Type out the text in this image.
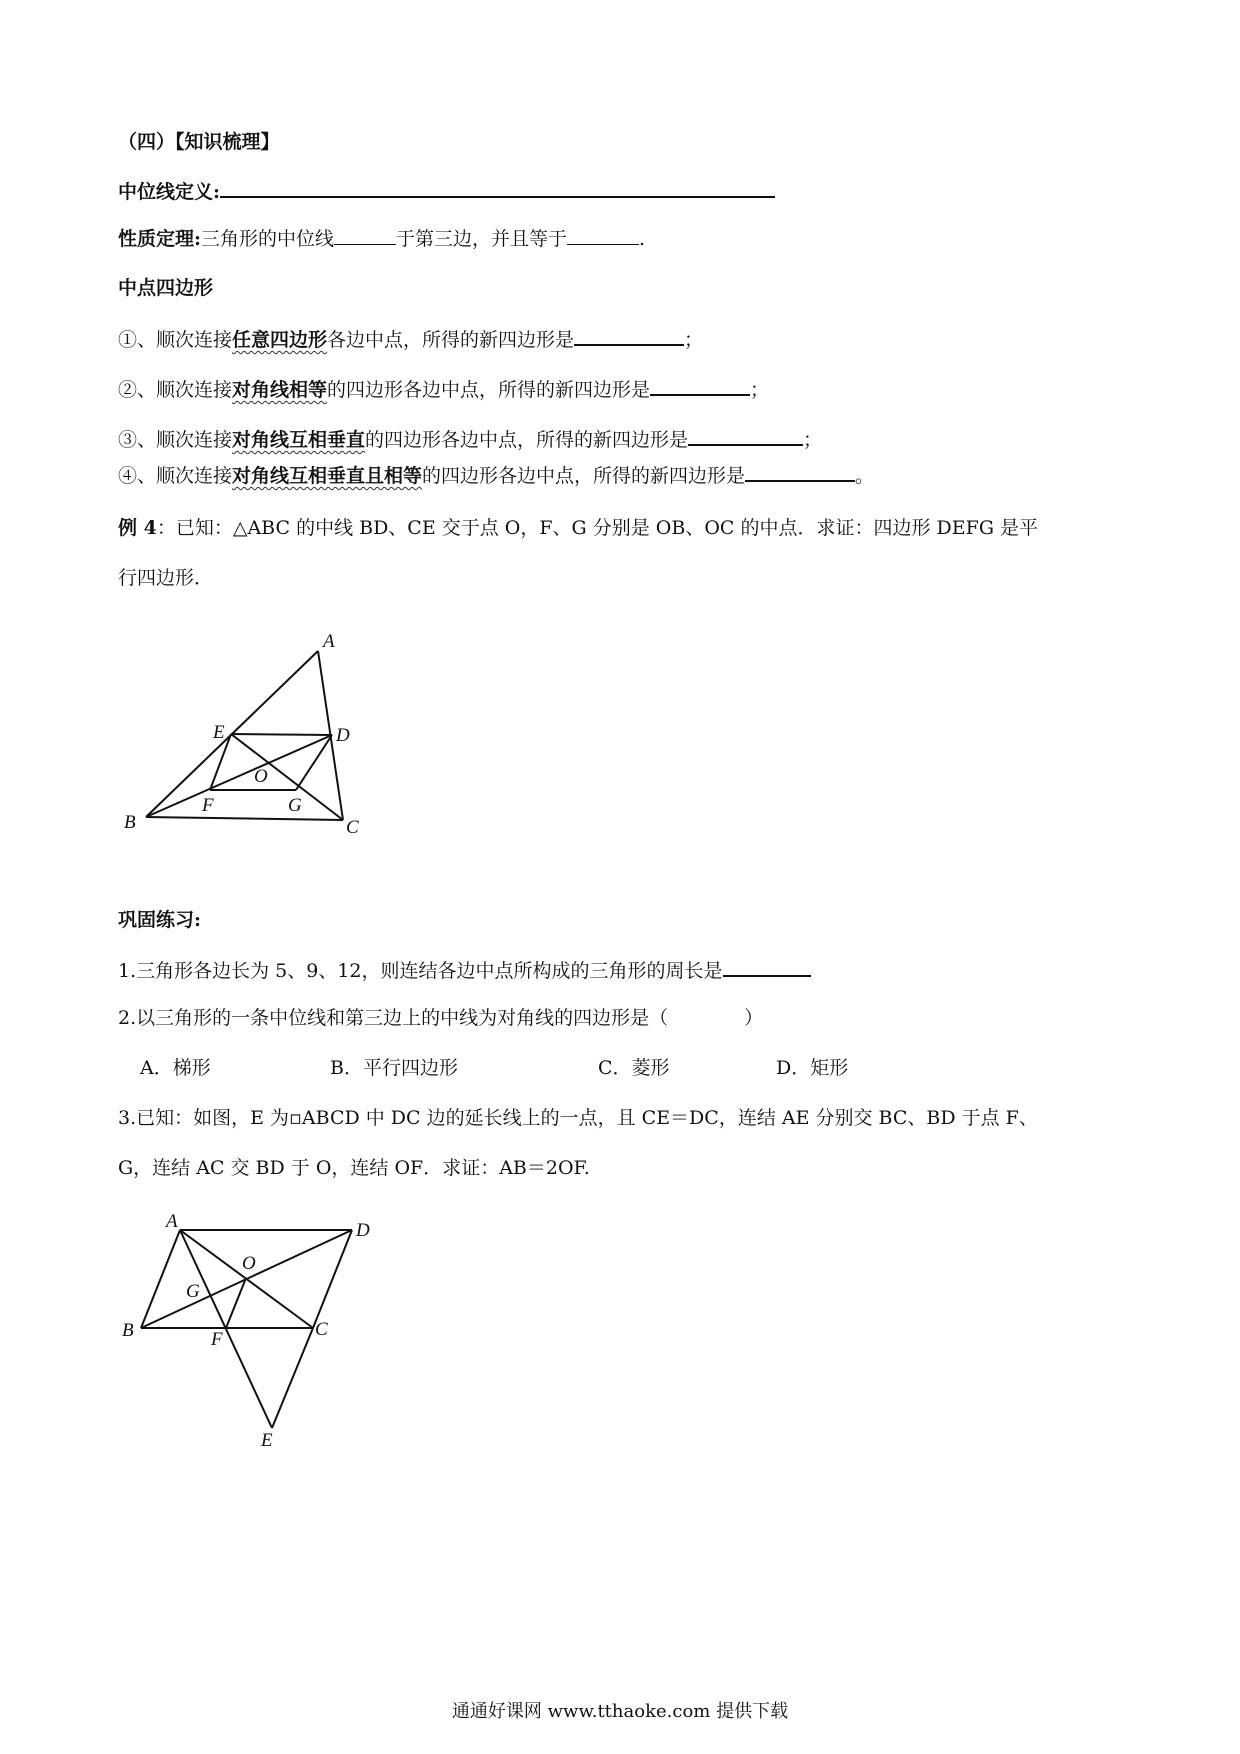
（四）【知识梳理】
中位线定义:
性质定理:三角形的中位线	于第三边，并且等于	.
中点四边形
①、顺次连接任意四边形各边中点，所得的新四边形是	；
②、顺次连接对角线相等的四边形各边中点，所得的新四边形是	；
③、顺次连接对角线互相垂直的四边形各边中点，所得的新四边形是	；
④、顺次连接对角线互相垂直且相等的四边形各边中点，所得的新四边形是	。
例 4：已知：△ABC 的中线 BD、CE 交于点 O，F、G 分别是 OB、OC 的中点．求证：四边形 DEFG 是平
行四边形．
A
B	C
D
E
F	G
O
巩固练习:
1.三角形各边长为 5、9、12，则连结各边中点所构成的三角形的周长是
2.以三角形的一条中位线和第三边上的中线为对角线的四边形是（　　　　）
A．梯形	B．平行四边形	C．菱形	D．矩形
3.已知：如图，E 为▫ABCD 中 DC 边的延长线上的一点，且 CE＝DC，连结 AE 分别交 BC、BD 于点 F、
G，连结 AC 交 BD 于 O，连结 OF．求证：AB＝2OF.
A
B	C
D
E
F
G
O
通通好课网 www.tthaoke.com 提供下载
